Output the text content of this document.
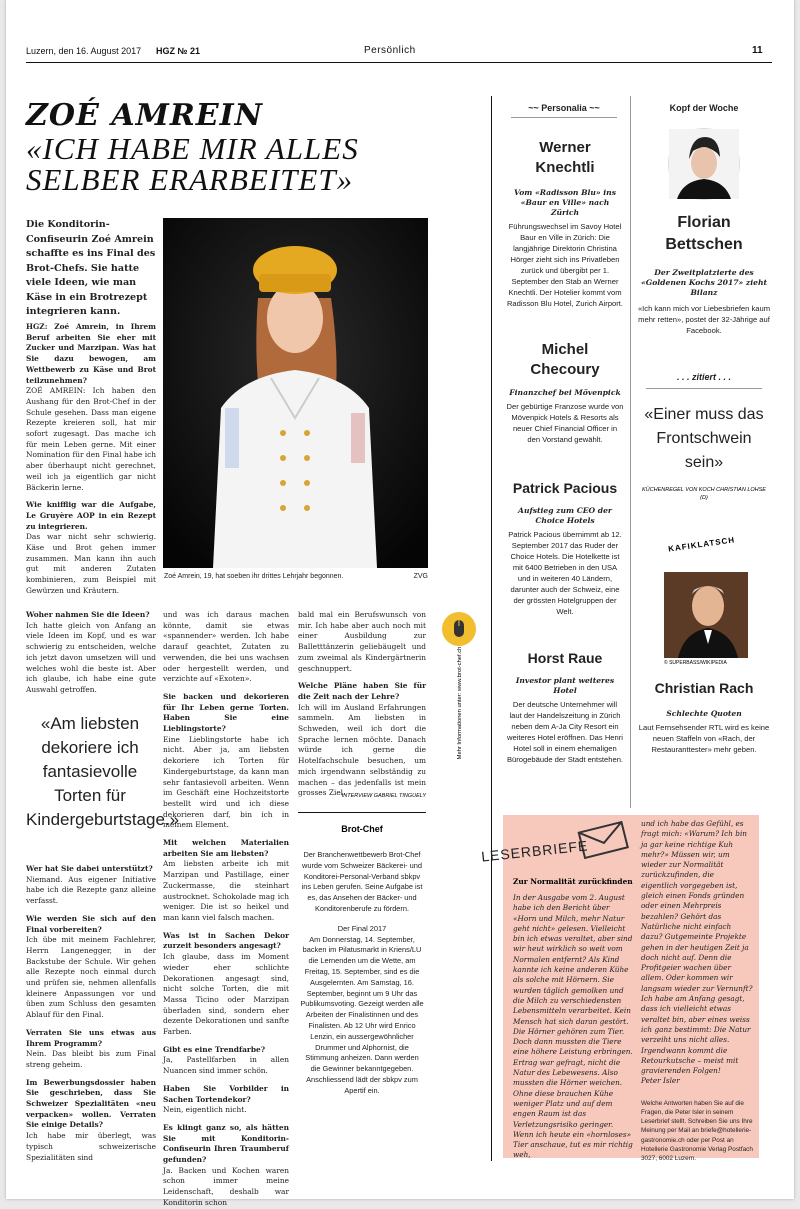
Luzern, den 16. August 2017 HGZ № 21	Persönlich	11
ZOÉ AMREIN
«ICH HABE MIR ALLES SELBER ERARBEITET»
Die Konditorin-Confiseurin Zoé Amrein schaffte es ins Final des Brot-Chefs. Sie hatte viele Ideen, wie man Käse in ein Brotrezept integrieren kann.
Zoé Amrein, 19, hat soeben ihr drittes Lehrjahr begonnen.	ZVG

HGZ: Zoé Amrein, in Ihrem Beruf arbeiten Sie eher mit Zucker und Marzipan. Was hat Sie dazu bewogen, am Wettbewerb zu Käse und Brot teilzunehmen?
ZOÉ AMREIN: Ich haben den Aushang für den Brot-Chef in der Schule gesehen. Dass man eigene Rezepte kreieren soll, hat mir sofort zugesagt. Das mache ich für mein Leben gerne. Mit einer Nomination für den Final habe ich aber überhaupt nicht gerechnet, weil ich ja eigentlich gar nicht Bäckerin lerne.

Wie knifflig war die Aufgabe, Le Gruyère AOP in ein Rezept zu integrieren.
Das war nicht sehr schwierig. Käse und Brot gehen immer zusammen. Man kann ihn auch gut mit anderen Zutaten kombinieren, zum Beispiel mit Gewürzen und Kräutern.

Woher nahmen Sie die Ideen?
Ich hatte gleich von Anfang an viele Ideen im Kopf, und es war schwierig zu entscheiden, welche ich jetzt davon umsetzen will und welches wohl die beste ist. Aber ich glaube, ich habe eine gute Auswahl getroffen.

«Am liebsten dekoriere ich fantasievolle Torten für Kindergeburtstage.»

Wer hat Sie dabei unterstützt?
Niemand. Aus eigener Initiative habe ich die Rezepte ganz alleine verfasst.

Wie werden Sie sich auf den Final vorbereiten?
Ich übe mit meinem Fachlehrer, Herrn Langenegger, in der Backstube der Schule. Wir gehen alle Rezepte noch einmal durch und prüfen sie, nehmen allenfalls kleinere Anpassungen vor und üben zum Schluss den gesamten Ablauf für den Final.

Verraten Sie uns etwas aus Ihrem Programm?
Nein. Das bleibt bis zum Final streng geheim.

Im Bewerbungsdossier haben Sie geschrieben, dass Sie Schweizer Spezialitäten «neu verpacken» wollen. Verraten Sie einige Details?
Ich habe mir überlegt, was typisch schweizerische Spezialitäten sind

und was ich daraus machen könnte, damit sie etwas «spannender» werden. Ich habe darauf geachtet, Zutaten zu verwenden, die bei uns wachsen oder hergestellt werden, und verzichte auf «Exoten».

Sie backen und dekorieren für Ihr Leben gerne Torten. Haben Sie eine Lieblingstorte?
Eine Lieblingstorte habe ich nicht. Aber ja, am liebsten dekoriere ich Torten für Kindergeburtstage, da kann man sehr fantasievoll arbeiten. Wenn im Geschäft eine Hochzeitstorte bestellt wird und ich diese dekorieren darf, bin ich in meinem Element.

Mit welchen Materialien arbeiten Sie am liebsten?
Am liebsten arbeite ich mit Marzipan und Pastillage, einer Zuckermasse, die steinhart austrocknet. Schokolade mag ich weniger. Die ist so heikel und man kann viel falsch machen.

Was ist in Sachen Dekor zurzeit besonders angesagt?
Ich glaube, dass im Moment wieder eher schlichte Dekorationen angesagt sind, nicht solche Torten, die mit Massa Ticino oder Marzipan überladen sind, sondern eher dezente Dekorationen und sanfte Farben.

Gibt es eine Trendfarbe?
Ja, Pastellfarben in allen Nuancen sind immer schön.

Haben Sie Vorbilder in Sachen Tortendekor?
Nein, eigentlich nicht.

Es klingt ganz so, als hätten Sie mit Konditorin-Confiseurin Ihren Traumberuf gefunden?
Ja. Backen und Kochen waren schon immer meine Leidenschaft, deshalb war Konditorin schon

bald mal ein Berufswunsch von mir. Ich habe aber auch noch mit einer Ausbildung zur Balletttänzerin geliebäugelt und zum zweimal als Kindergärtnerin geschnuppert.

Welche Pläne haben Sie für die Zeit nach der Lehre?
Ich will im Ausland Erfahrungen sammeln. Am liebsten in Schweden, weil ich dort die Sprache lernen möchte. Danach würde ich gerne die Hotelfachschule besuchen, um mich irgendwann selbständig zu machen – das jedenfalls ist mein grosses Ziel.

INTERVIEW GABRIEL TINGUELY
Brot-Chef
Der Branchenwettbewerb Brot-Chef wurde vom Schweizer Bäckerei- und Konditorei-Personal-Verband sbkpv ins Leben gerufen. Seine Aufgabe ist es, das Ansehen der Bäcker- und Konditorenberufe zu fördern.
Der Final 2017
Am Donnerstag, 14. September, backen im Pilatusmarkt in Kriens/LU die Lernenden um die Wette, am Freitag, 15. September, sind es die Ausgelernten. Am Samstag, 16. September, beginnt um 9 Uhr das Publikumsvoting. Gezeigt werden alle Arbeiten der Finalistinnen und des Finalisten. Ab 12 Uhr wird Enrico Lenzin, ein aussergewöhnlicher Drummer und Alphornist, die Stimmung anheizen. Dann werden die Gewinner bekanntgegeben. Anschliessend lädt der sbkpv zum Apertif ein.
Mehr Informationen unter: www.brot-chef.ch
~~ Personalia ~~
Werner
Knechtli
Vom «Radisson Blu» ins «Baur en Ville» nach Zürich
Führungswechsel im Savoy Hotel Baur en Ville in Zürich: Die langjährige Direktorin Christina Hörger zieht sich ins Privatleben zurück und übergibt per 1. September den Stab an Werner Knechtli. Der Hotelier kommt vom Radisson Blu Hotel, Zurich Airport.
Michel
Checoury
Finanzchef bei Mövenpick
Der gebürtige Franzose wurde von Mövenpick Hotels & Resorts als neuer Chief Financial Officer in den Vorstand gewählt.
Patrick Pacious
Aufstieg zum CEO der Choice Hotels
Patrick Pacious übernimmt ab 12. September 2017 das Ruder der Choice Hotels. Die Hotelkette ist mit 6400 Betrieben in den USA und in weiteren 40 Ländern, darunter auch der Schweiz, eine der grössten Hotelgruppen der Welt.
Horst Raue
Investor plant weiteres Hotel
Der deutsche Unternehmer will laut der Handelszeitung in Zürich neben dem A-Ja City Resort ein weiteres Hotel eröffnen. Das Henri Hotel soll in einem ehemaligen Bürogebäude der Stadt entstehen.
Kopf der Woche
Florian
Bettschen
Der Zweitplatzierte des «Goldenen Kochs 2017» zieht Bilanz
«Ich kann mich vor Liebesbriefen kaum mehr retten», postet der 32-Jährige auf Facebook.
. . . zitiert . . .
«Einer muss das Frontschwein sein»
KÜCHENREGEL VON KOCH CHRISTIAN LOHSE (D)
KAFIKLATSCH
© SUPERBASS/WIKIPEDIA
Christian Rach
Schlechte Quoten
Laut Fernsehsender RTL wird es keine neuen Staffeln von «Rach, der Restauranttester» mehr geben.
LESERBRIEFE
Zur Normalität zurückfinden
In der Ausgabe vom 2. August habe ich den Bericht über «Horn und Milch, mehr Natur geht nicht» gelesen. Vielleicht bin ich etwas veraltet, aber sind wir heut wirklich so weit vom Normalen entfernt? Als Kind kannte ich keine anderen Kühe als solche mit Hörnern. Sie wurden täglich gemolken und die Milch zu verschiedensten Lebensmitteln verarbeitet. Kein Mensch hat sich daran gestört. Die Hörner gehören zum Tier. Doch dann mussten die Tiere eine höhere Leistung erbringen. Ertrag war gefragt, nicht die Natur des Lebewesens. Also mussten die Hörner weichen. Ohne diese brauchen Kühe weniger Platz und auf dem engen Raum ist das Verletzungsrisiko geringer. Wenn ich heute ein «hornloses» Tier anschaue, tut es mir richtig weh,
und ich habe das Gefühl, es fragt mich: «Warum? Ich bin ja gar keine richtige Kuh mehr?» Müssen wir, um wieder zur Normalität zurückzufinden, die eigentlich vorgegeben ist, gleich einen Fonds gründen oder einen Mehrpreis bezahlen? Gehört das Natürliche nicht einfach dazu? Gutgemeinte Projekte gehen in der heutigen Zeit ja doch nicht auf. Denn die Profitgeier wachen über allem. Oder kommen wir langsam wieder zur Vernunft? Ich habe am Anfang gesagt, dass ich vielleicht etwas veraltet bin, aber eines weiss ich ganz bestimmt: Die Natur verzeiht uns nicht alles. Irgendwann kommt die Retourkutsche – meist mit gravierenden Folgen!
Peter Isler
Welche Antworten haben Sie auf die Fragen, die Peter Isler in seinem Leserbrief stellt. Schreiben Sie uns Ihre Meinung per Mail an briefe@hotellerie-gastronomie.ch oder per Post an Hotellerie Gastronomie Verlag Postfach 3027, 6002 Luzern.
